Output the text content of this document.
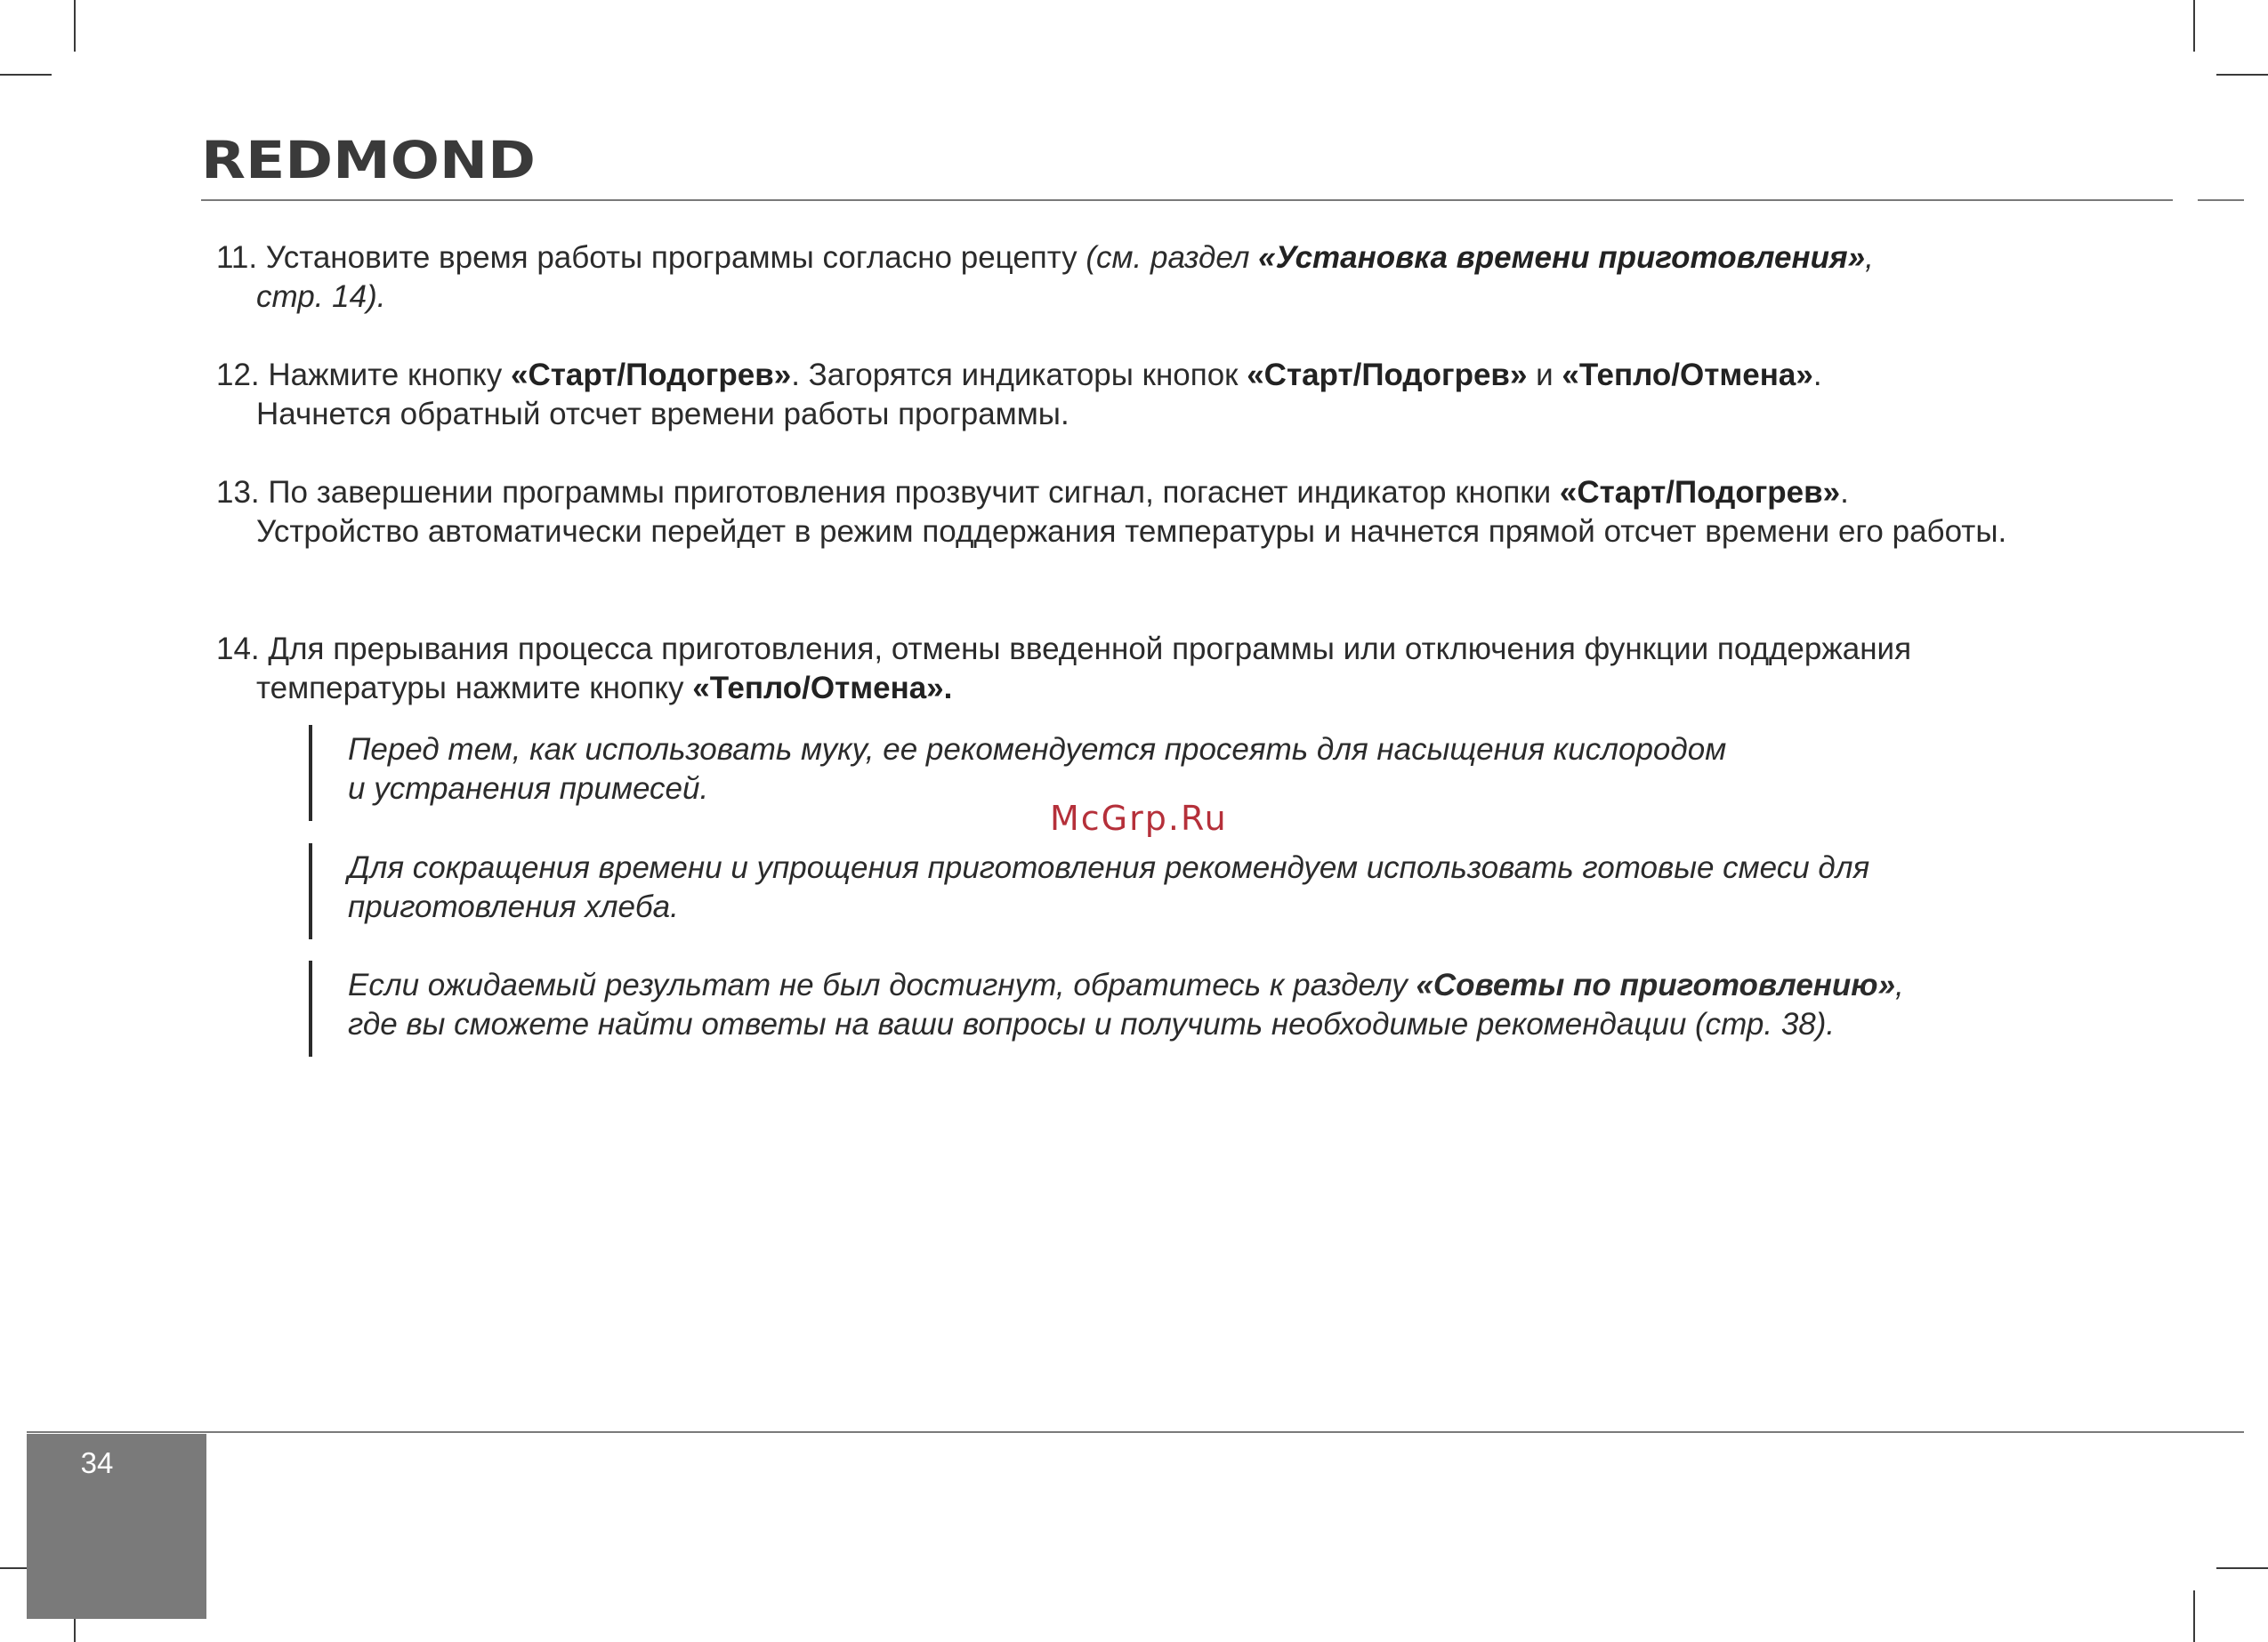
REDMOND
11. Установите время работы программы согласно рецепту (см. раздел «Установка времени приготовления»,
стр. 14).
12. Нажмите кнопку «Старт/Подогрев». Загорятся индикаторы кнопок «Старт/Подогрев» и «Тепло/Отмена».
Начнется обратный отсчет времени работы программы.
13. По завершении программы приготовления прозвучит сигнал, погаснет индикатор кнопки «Старт/Подогрев».
Устройство автоматически перейдет в режим поддержания температуры и начнется прямой отсчет времени его работы.
14. Для прерывания процесса приготовления, отмены введенной программы или отключения функции поддержания
температуры нажмите кнопку «Тепло/Отмена».
Перед тем, как использовать муку, ее рекомендуется просеять для насыщения кислородом
и устранения примесей.
McGrp.Ru
Для сокращения времени и упрощения приготовления рекомендуем использовать готовые смеси для приготовления хлеба.
Если ожидаемый результат не был достигнут, обратитесь к разделу «Советы по приготовлению»,
где вы сможете найти ответы на ваши вопросы и получить необходимые рекомендации (стр. 38).
34
